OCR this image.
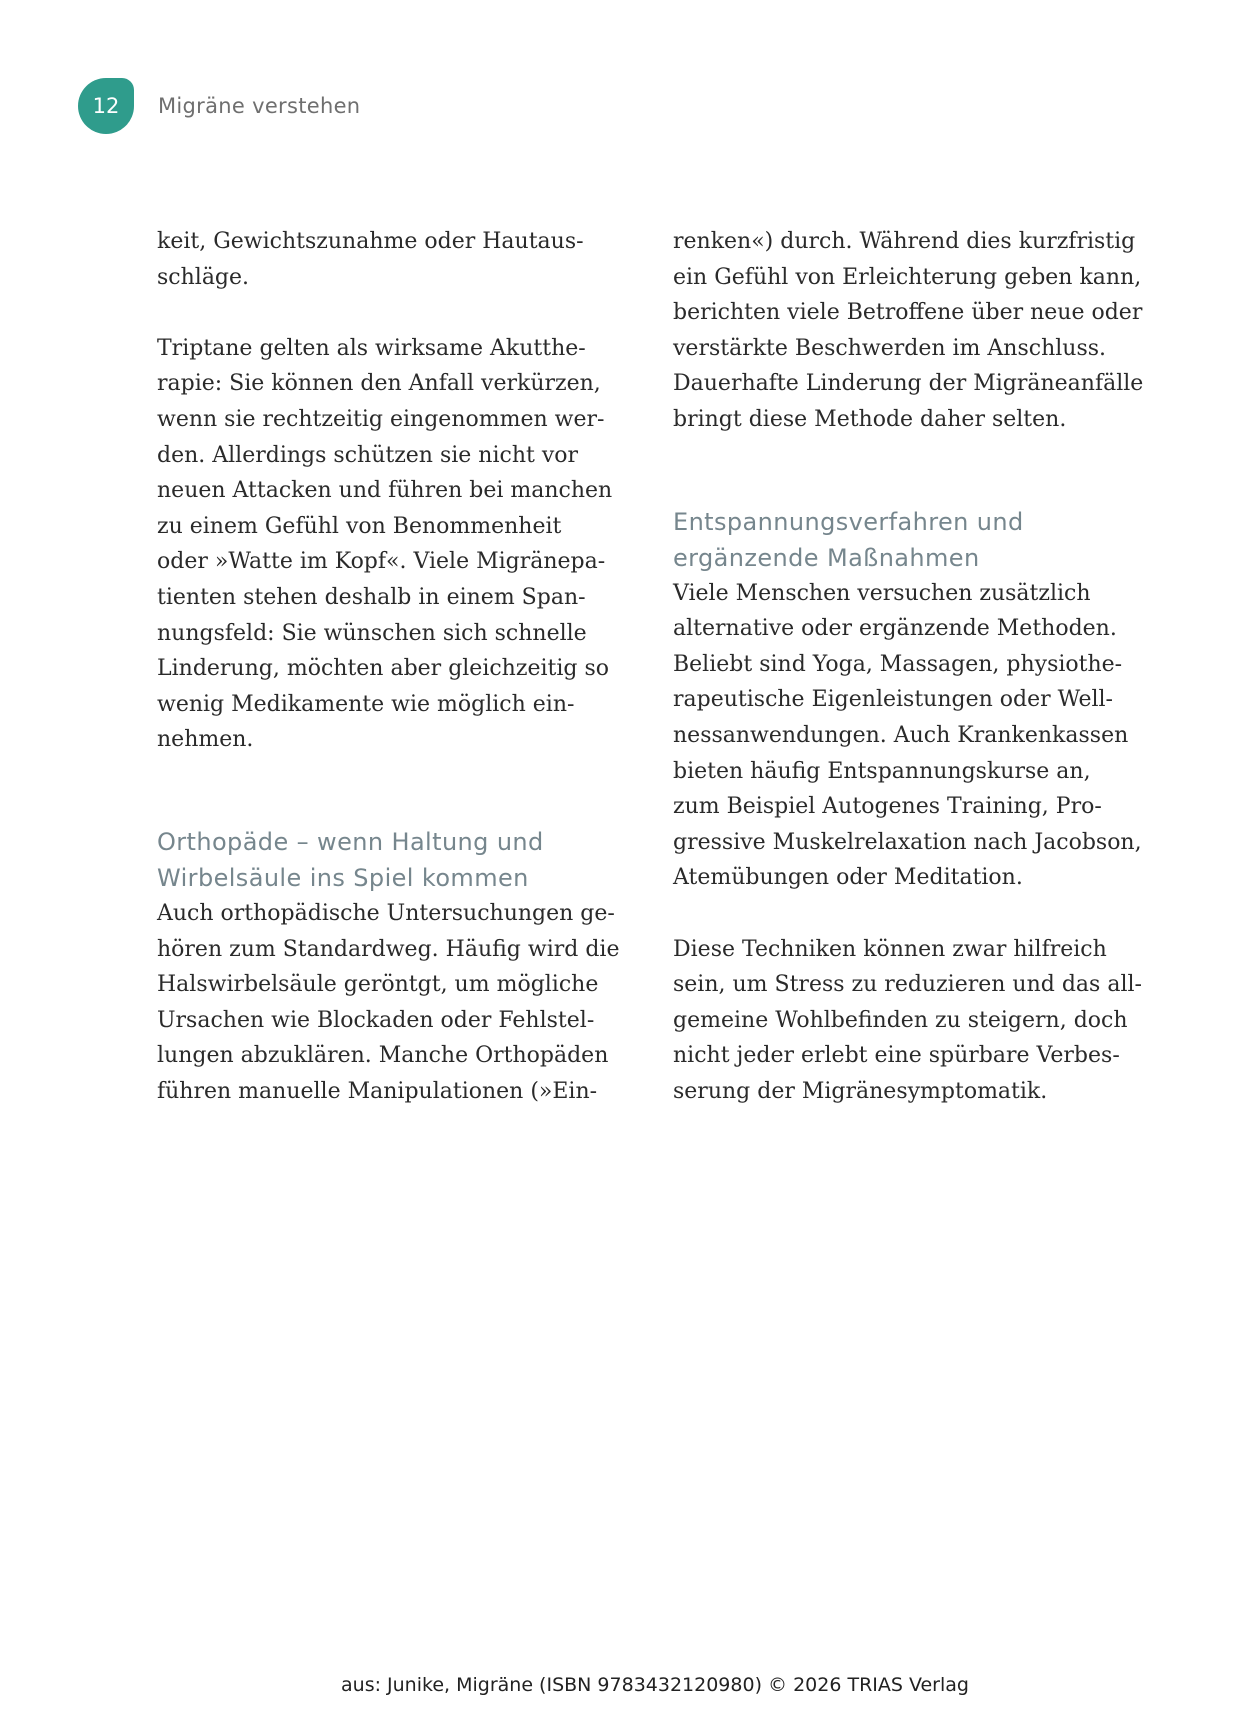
12 Migräne verstehen
keit, Gewichtszunahme oder Hautaus-
schläge.
Triptane gelten als wirksame Akutthe-
rapie: Sie können den Anfall verkürzen,
wenn sie rechtzeitig eingenommen wer-
den. Allerdings schützen sie nicht vor
neuen Attacken und führen bei manchen
zu einem Gefühl von Benommenheit
oder »Watte im Kopf«. Viele Migränepa-
tienten stehen deshalb in einem Span-
nungsfeld: Sie wünschen sich schnelle
Linderung, möchten aber gleichzeitig so
wenig Medikamente wie möglich ein-
nehmen.
Orthopäde – wenn Haltung und
Wirbelsäule ins Spiel kommen
Auch orthopädische Untersuchungen ge-
hören zum Standardweg. Häufig wird die
Halswirbelsäule geröntgt, um mögliche
Ursachen wie Blockaden oder Fehlstel-
lungen abzuklären. Manche Orthopäden
führen manuelle Manipulationen (»Ein-
renken«) durch. Während dies kurzfristig
ein Gefühl von Erleichterung geben kann,
berichten viele Betroffene über neue oder
verstärkte Beschwerden im Anschluss.
Dauerhafte Linderung der Migräneanfälle
bringt diese Methode daher selten.
Entspannungsverfahren und
ergänzende Maßnahmen
Viele Menschen versuchen zusätzlich
alternative oder ergänzende Methoden.
Beliebt sind Yoga, Massagen, physiothe-
rapeutische Eigenleistungen oder Well-
nessanwendungen. Auch Krankenkassen
bieten häufig Entspannungskurse an,
zum Beispiel Autogenes Training, Pro-
gressive Muskelrelaxation nach Jacobson,
Atemübungen oder Meditation.
Diese Techniken können zwar hilfreich
sein, um Stress zu reduzieren und das all-
gemeine Wohlbefinden zu steigern, doch
nicht jeder erlebt eine spürbare Verbes-
serung der Migränesymptomatik.
aus: Junike, Migräne (ISBN 9783432120980) © 2026 TRIAS Verlag
